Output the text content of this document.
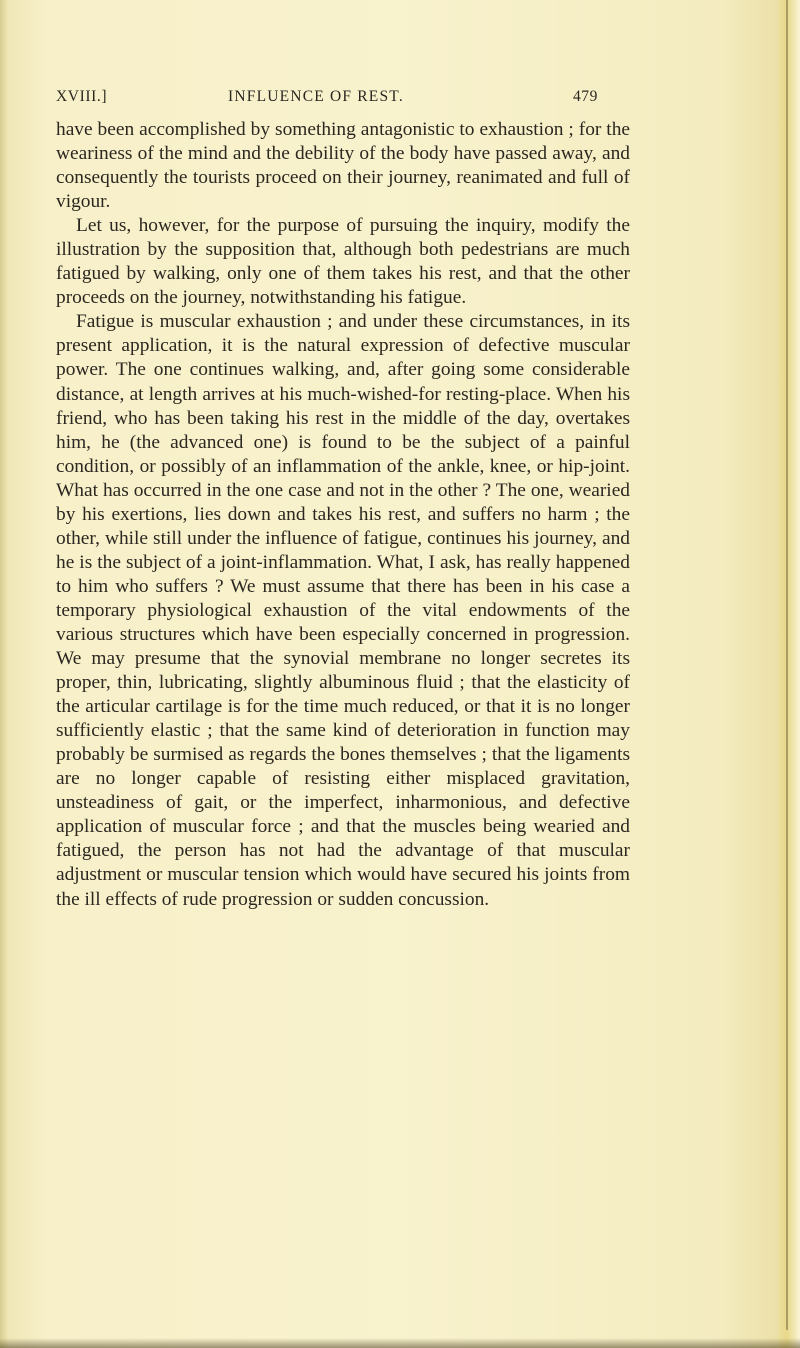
XVIII.]	INFLUENCE OF REST.	479

have been accomplished by something antagonistic to exhaustion ; for the weariness of the mind and the debility of the body have passed away, and consequently the tourists proceed on their journey, reanimated and full of vigour.

Let us, however, for the purpose of pursuing the inquiry, modify the illustration by the supposition that, although both pedestrians are much fatigued by walking, only one of them takes his rest, and that the other proceeds on the journey, notwithstanding his fatigue.

Fatigue is muscular exhaustion ; and under these circumstances, in its present application, it is the natural expression of defective muscular power. The one continues walking, and, after going some considerable distance, at length arrives at his much-wished-for resting-place. When his friend, who has been taking his rest in the middle of the day, overtakes him, he (the advanced one) is found to be the subject of a painful condition, or possibly of an inflammation of the ankle, knee, or hip-joint. What has occurred in the one case and not in the other ? The one, wearied by his exertions, lies down and takes his rest, and suffers no harm ; the other, while still under the influence of fatigue, continues his journey, and he is the subject of a joint-inflammation. What, I ask, has really happened to him who suffers ? We must assume that there has been in his case a temporary physiological exhaustion of the vital endowments of the various structures which have been especially concerned in progression. We may presume that the synovial membrane no longer secretes its proper, thin, lubricating, slightly albuminous fluid ; that the elasticity of the articular cartilage is for the time much reduced, or that it is no longer sufficiently elastic ; that the same kind of deterioration in function may probably be surmised as regards the bones themselves ; that the ligaments are no longer capable of resisting either misplaced gravitation, unsteadiness of gait, or the imperfect, inharmonious, and defective application of muscular force ; and that the muscles being wearied and fatigued, the person has not had the advantage of that muscular adjustment or muscular tension which would have secured his joints from the ill effects of rude progression or sudden concussion.
